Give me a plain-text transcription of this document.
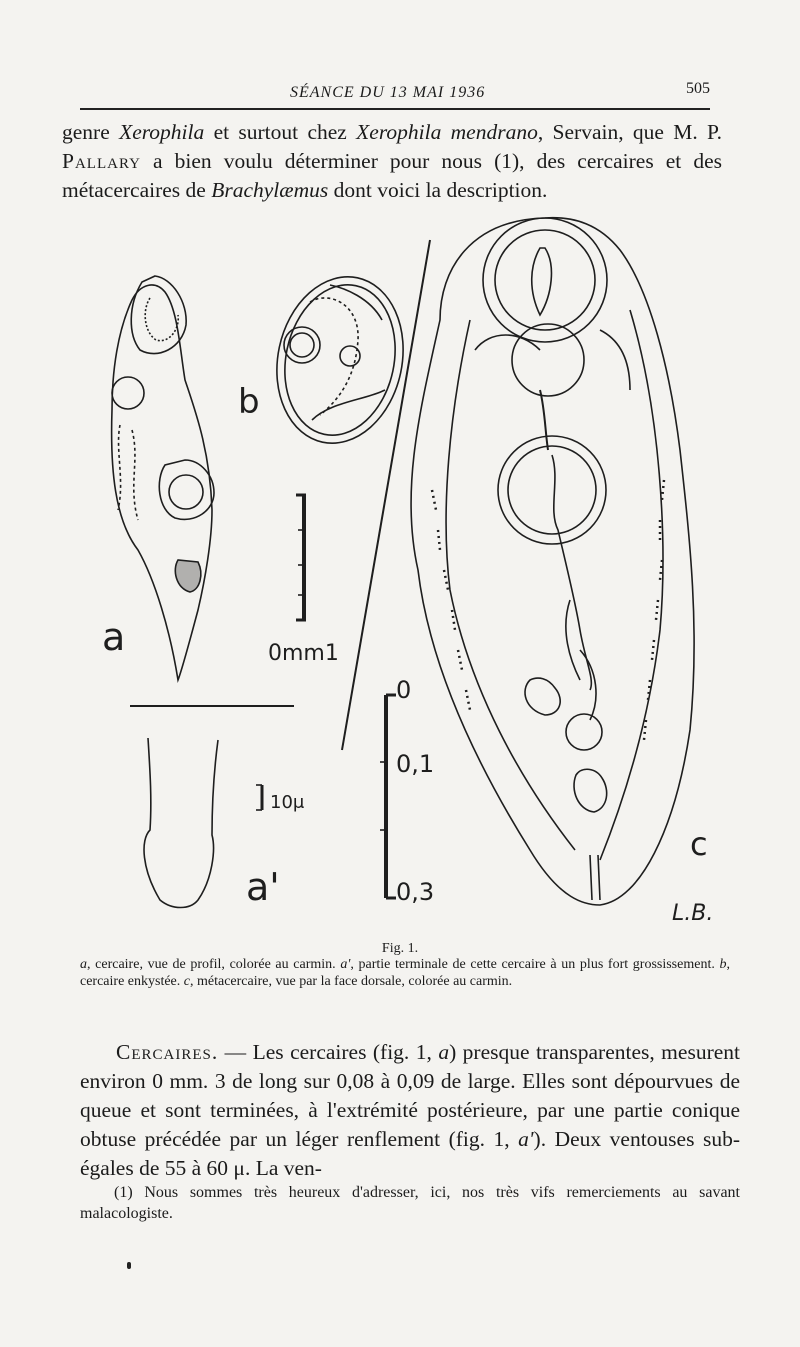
SÉANCE DU 13 MAI 1936	505
genre Xerophila et surtout chez Xerophila mendrano, Servain, que M. P. Pallary a bien voulu déterminer pour nous (1), des cercaires et des métacercaires de Brachylæmus dont voici la description.
a
b
0mm1
a'
10μ
0
0,1
0,3
c
L.B.
Fig. 1.
a, cercaire, vue de profil, colorée au carmin. a', partie terminale de cette cercaire à un plus fort grossissement. b, cercaire enkystée. c, métacercaire, vue par la face dorsale, colorée au carmin.

Cercaires. — Les cercaires (fig. 1, a) presque transparentes, mesurent environ 0 mm. 3 de long sur 0,08 à 0,09 de large. Elles sont dépourvues de queue et sont terminées, à l'extrémité postérieure, par une partie conique obtuse précédée par un léger renflement (fig. 1, a'). Deux ventouses sub-égales de 55 à 60 μ. La ven-

(1) Nous sommes très heureux d'adresser, ici, nos très vifs remerciements au savant malacologiste.
